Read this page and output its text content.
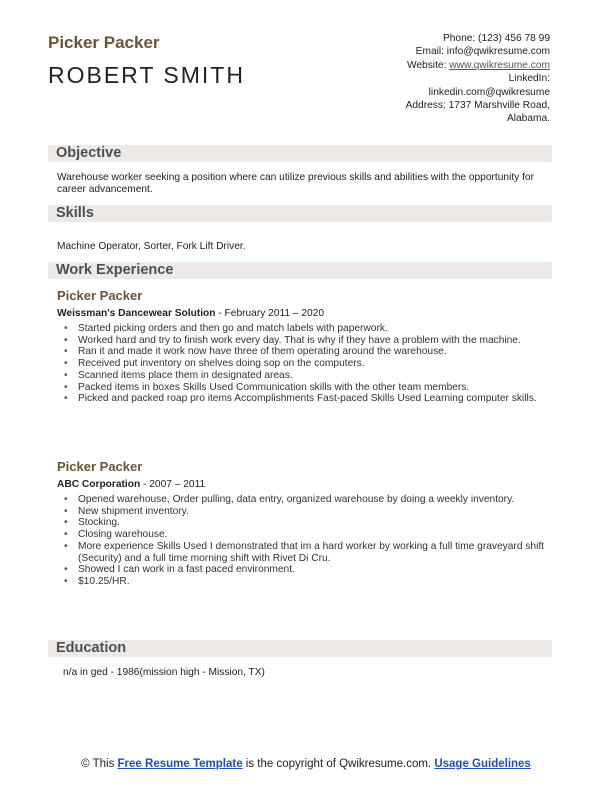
Picker Packer
ROBERT SMITH
Phone: (123) 456 78 99
Email: info@qwikresume.com
Website: www.qwikresume.com
LinkedIn:
linkedin.com@qwikresume
Address: 1737 Marshville Road,
Alabama.
Objective
Warehouse worker seeking a position where can utilize previous skills and abilities with the opportunity for career advancement.
Skills
Machine Operator, Sorter, Fork Lift Driver.
Work Experience
Picker Packer
Weissman's Dancewear Solution - February 2011 – 2020
• Started picking orders and then go and match labels with paperwork.
• Worked hard and try to finish work every day. That is why if they have a problem with the machine.
• Ran it and made it work now have three of them operating around the warehouse.
• Received put inventory on shelves doing sop on the computers.
• Scanned items place them in designated areas.
• Packed items in boxes Skills Used Communication skills with the other team members.
• Picked and packed roap pro items Accomplishments Fast-paced Skills Used Learning computer skills.
Picker Packer
ABC Corporation - 2007 – 2011
• Opened warehouse, Order pulling, data entry, organized warehouse by doing a weekly inventory.
• New shipment inventory.
• Stocking.
• Closing warehouse.
• More experience Skills Used I demonstrated that im a hard worker by working a full time graveyard shift (Security) and a full time morning shift with Rivet Di Cru.
• Showed I can work in a fast paced environment.
• $10.25/HR.
Education
n/a in ged - 1986(mission high - Mission, TX)
© This Free Resume Template is the copyright of Qwikresume.com. Usage Guidelines
